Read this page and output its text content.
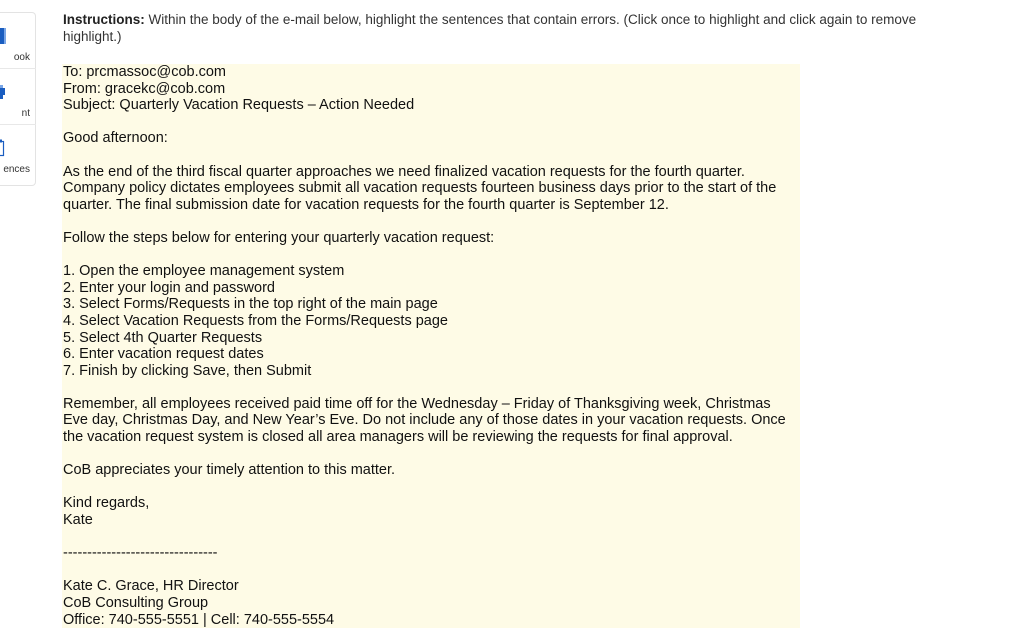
ook
nt
ences
Instructions: Within the body of the e-mail below, highlight the sentences that contain errors. (Click once to highlight and click again to remove highlight.)
To: prcmassoc@cob.com
From: gracekc@cob.com
Subject: Quarterly Vacation Requests – Action Needed
Good afternoon:

As the end of the third fiscal quarter approaches we need finalized vacation requests for the fourth quarter. Company policy dictates employees submit all vacation requests fourteen business days prior to the start of the quarter. The final submission date for vacation requests for the fourth quarter is September 12.

Follow the steps below for entering your quarterly vacation request:
1. Open the employee management system
2. Enter your login and password
3. Select Forms/Requests in the top right of the main page
4. Select Vacation Requests from the Forms/Requests page
5. Select 4th Quarter Requests
6. Enter vacation request dates
7. Finish by clicking Save, then Submit

Remember, all employees received paid time off for the Wednesday – Friday of Thanksgiving week, Christmas Eve day, Christmas Day, and New Year’s Eve. Do not include any of those dates in your vacation requests. Once the vacation request system is closed all area managers will be reviewing the requests for final approval.

CoB appreciates your timely attention to this matter.
Kind regards,
Kate
--------------------------------
Kate C. Grace, HR Director
CoB Consulting Group
Office: 740-555-5551 | Cell: 740-555-5554
